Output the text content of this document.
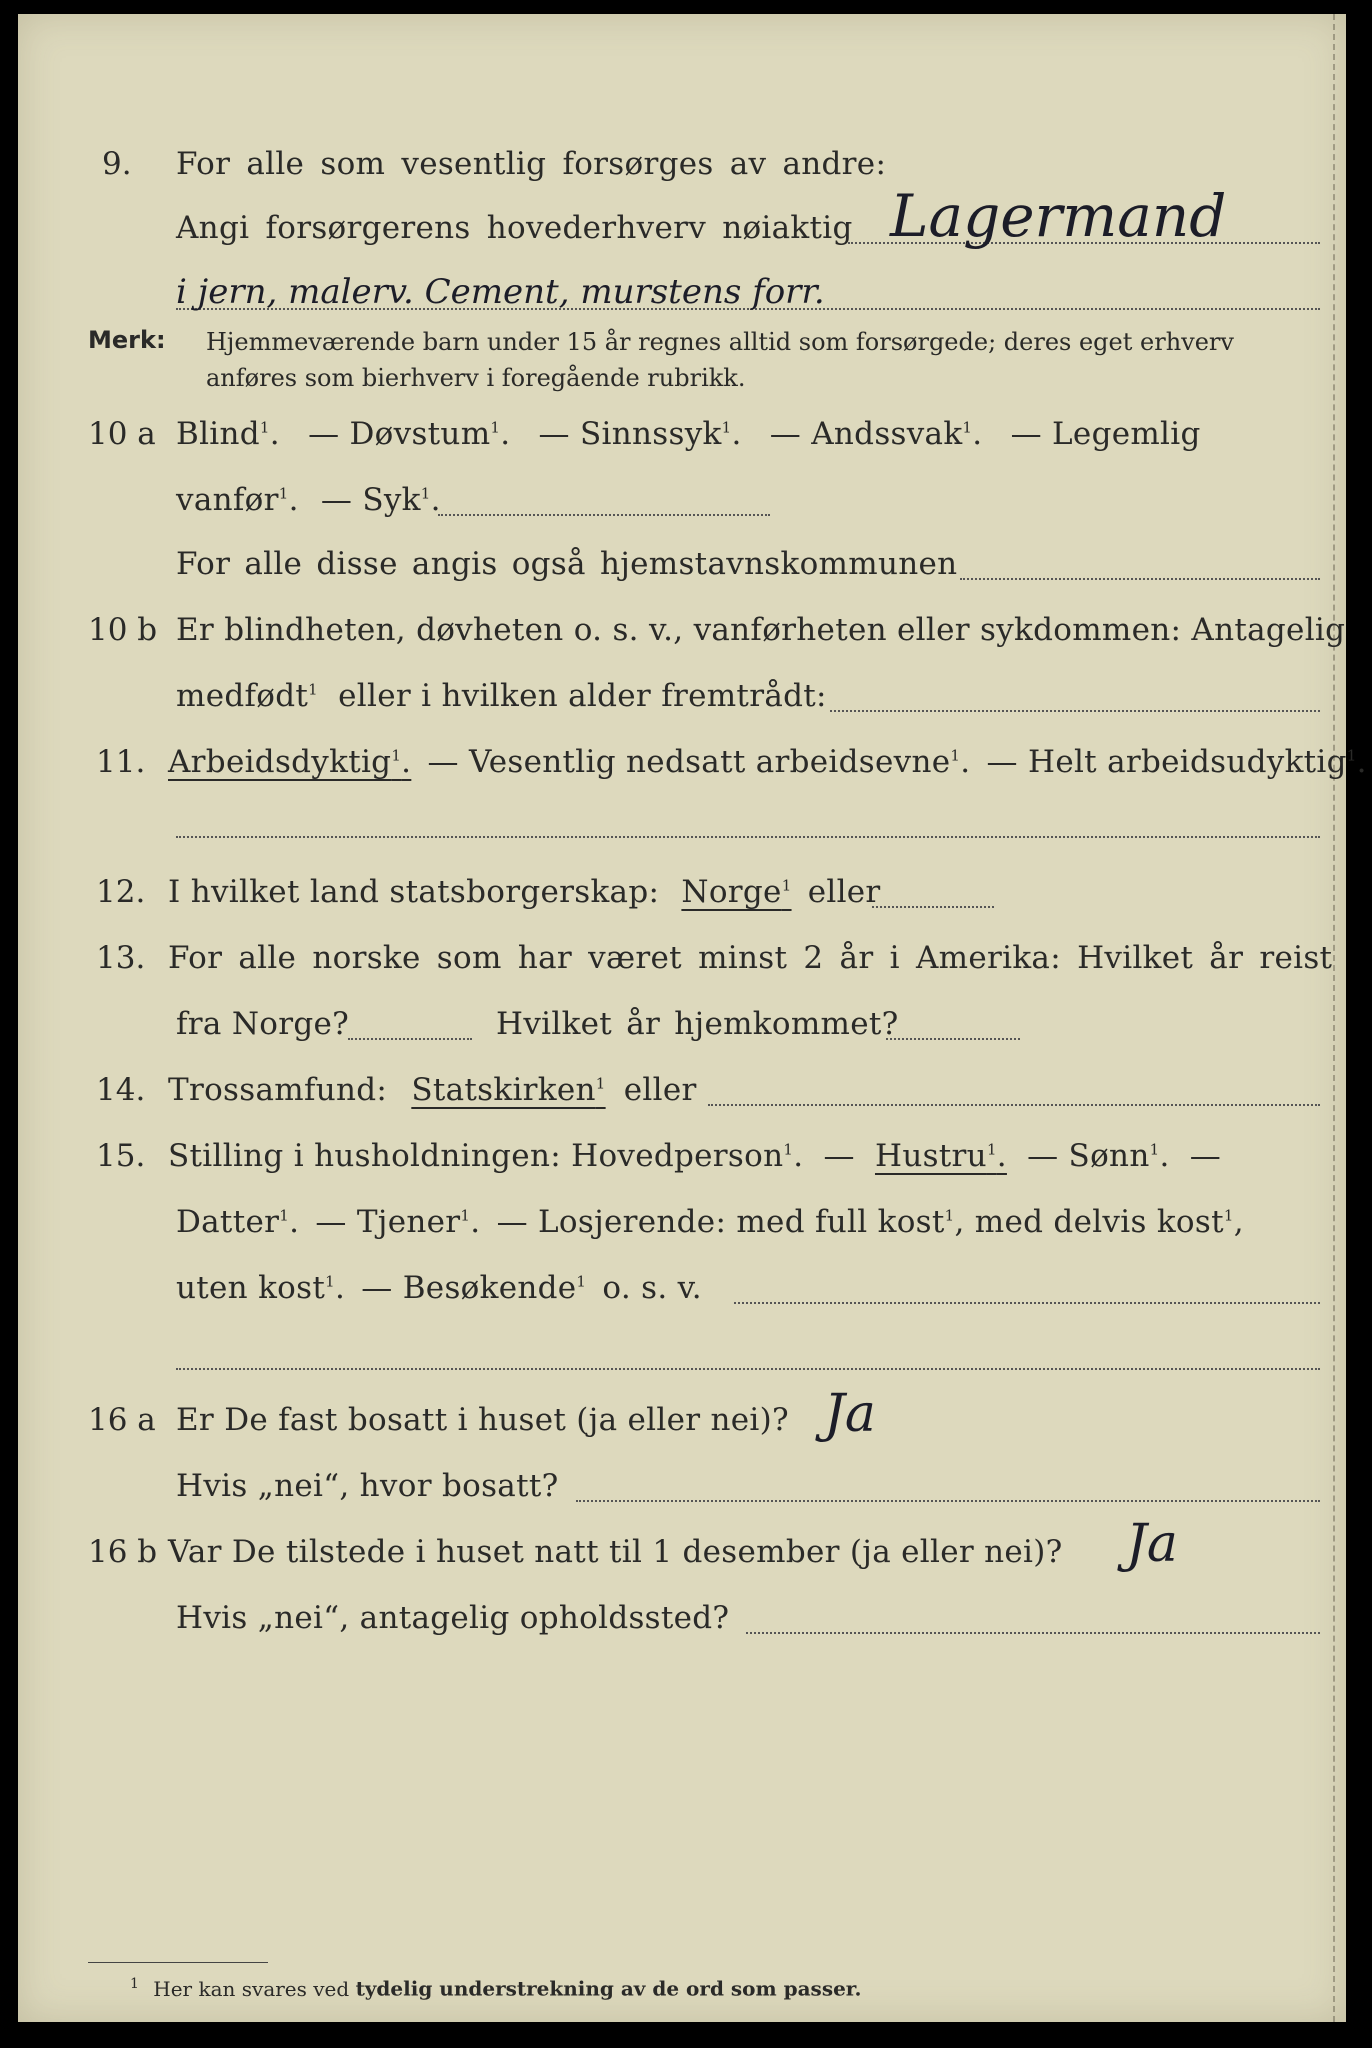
9. For alle som vesentlig forsørges av andre:
Angi forsørgerens hovederhverv nøiaktig Lagermand
i jern, malerv. Cement, murstens forr.
Merk: Hjemmeværende barn under 15 år regnes alltid som forsørgede; deres eget erhverv
anføres som bierhverv i foregående rubrikk.
10 a Blind$^1$. — Døvstum$^1$. — Sinnssyk$^1$. — Andssvak$^1$. — Legemlig
vanfør$^1$. — Syk$^1$.
For alle disse angis også hjemstavnskommunen
10 b Er blindheten, døvheten o. s. v., vanførheten eller sykdommen: Antagelig
medfødt$^1$ eller i hvilken alder fremtrådt:
11. Arbeidsdyktig$^1$. — Vesentlig nedsatt arbeidsevne$^1$. — Helt arbeidsudyktig$^1$.
12. I hvilket land statsborgerskap: Norge$^1$ eller
13. For alle norske som har været minst 2 år i Amerika: Hvilket år reist
fra Norge?	Hvilket år hjemkommet?
14. Trossamfund: Statskirken$^1$ eller
15. Stilling i husholdningen: Hovedperson$^1$. — Hustru$^1$. — Sønn$^1$. —
Datter$^1$. — Tjener$^1$. — Losjerende: med full kost$^1$, med delvis kost$^1$,
uten kost$^1$. — Besøkende$^1$ o. s. v.
16 a Er De fast bosatt i huset (ja eller nei)? Ja
Hvis „nei“, hvor bosatt?
16 b Var De tilstede i huset natt til 1 desember (ja eller nei)? Ja
Hvis „nei“, antagelig opholdssted?
$^1$ Her kan svares ved tydelig understrekning av de ord som passer.
